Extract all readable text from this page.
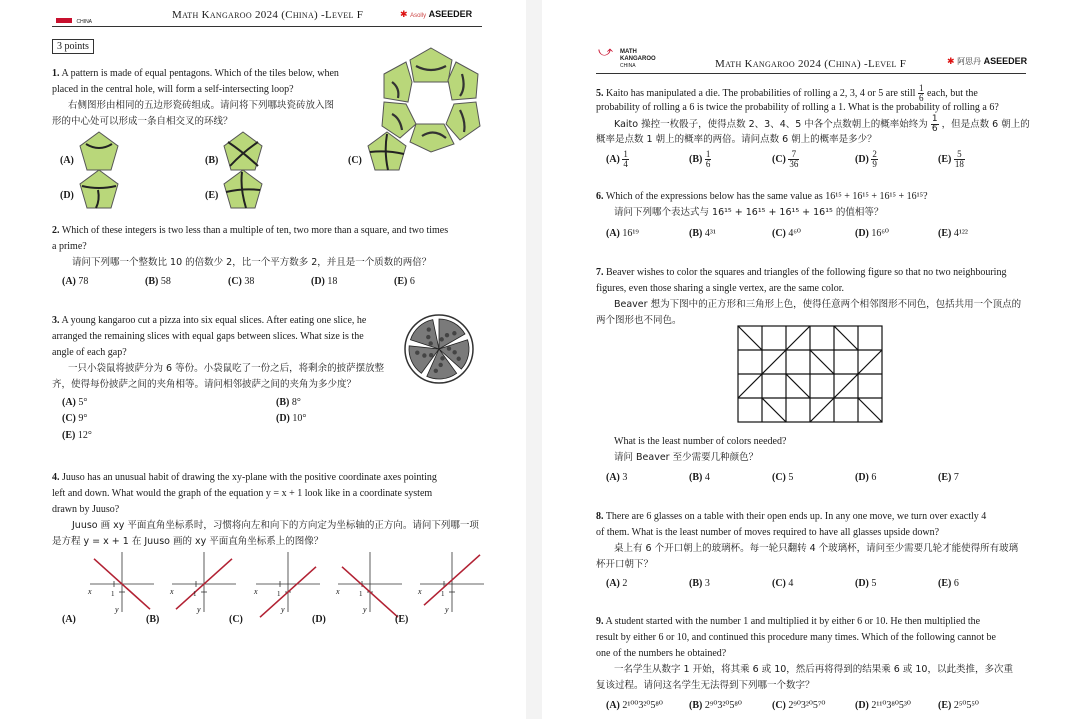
CHINA
Math Kangaroo 2024 (China) -Level F	✱ Asolly ASEEDER
3 points
1. A pattern is made of equal pentagons. Which of the tiles below, when
placed in the central hole, will form a self-intersecting loop?
右侧图形由相同的五边形瓷砖组成。请问将下列哪块瓷砖放入图
形的中心处可以形成一条自相交叉的环线？
(A)	(B)	(C)
(D)	(E)
2. Which of these integers is two less than a multiple of ten, two more than a square, and two times
a prime?
请问下列哪一个整数比 10 的倍数少 2，比一个平方数多 2，并且是一个质数的两倍？
(A) 78	(B) 58	(C) 38	(D) 18	(E) 6
3. A young kangaroo cut a pizza into six equal slices. After eating one slice, he
arranged the remaining slices with equal gaps between slices. What size is the
angle of each gap?
一只小袋鼠将披萨分为 6 等份。小袋鼠吃了一份之后，将剩余的披萨摆放整
齐，使得每份披萨之间的夹角相等。请问相邻披萨之间的夹角为多少度？
(A) 5°	(B) 8°
(C) 9°	(D) 10°
(E) 12°
4. Juuso has an unusual habit of drawing the xy-plane with the positive coordinate axes pointing
left and down. What would the graph of the equation y = x + 1 look like in a coordinate system
drawn by Juuso?
Juuso 画 xy 平面直角坐标系时，习惯将向左和向下的方向定为坐标轴的正方向。请问下列哪一项
是方程 y = x + 1 在 Juuso 画的 xy 平面直角坐标系上的图像？
x
y
1	x
y
1	x
y
1	x
y
1	x
y
1
(A)	(B)	(C)	(D)	(E)
⤻ MATH
KANGAROO
CHINA	Math Kangaroo 2024 (China) -Level F	✱ 阿思丹 ASEEDER
5. Kaito has manipulated a die. The probabilities of rolling a 2, 3, 4 or 5 are still $\frac{1}{6}$ each, but the
probability of rolling a 6 is twice the probability of rolling a 1. What is the probability of rolling a 6?
Kaito 操控一枚骰子，使得点数 2、3、4、5 中各个点数朝上的概率始终为 $\frac{1}{6}$ ，但是点数 6 朝上的
概率是点数 1 朝上的概率的两倍。请问点数 6 朝上的概率是多少？
$(A) \frac{1}{4}$	$(B) \frac{1}{6}$	$(C) \frac{7}{36}$	$(D) \frac{2}{9}$	$(E) \frac{5}{18}$
6. Which of the expressions below has the same value as 16¹⁵ + 16¹⁵ + 16¹⁵ + 16¹⁵?
请问下列哪个表达式与 16¹⁵ + 16¹⁵ + 16¹⁵ + 16¹⁵ 的值相等？
(A) 16¹⁹	(B) 4³¹	(C) 4⁶⁰	(D) 16⁶⁰	(E) 4¹²²
7. Beaver wishes to color the squares and triangles of the following figure so that no two neighbouring
figures, even those sharing a single vertex, are the same color.
Beaver 想为下图中的正方形和三角形上色，使得任意两个相邻图形不同色，包括共用一个顶点的
两个图形也不同色。
What is the least number of colors needed?
请问 Beaver 至少需要几种颜色？
(A) 3	(B) 4	(C) 5	(D) 6	(E) 7
8. There are 6 glasses on a table with their open ends up. In any one move, we turn over exactly 4
of them. What is the least number of moves required to have all glasses upside down?
桌上有 6 个开口朝上的玻璃杯。每一轮只翻转 4 个玻璃杯，请问至少需要几轮才能使得所有玻璃
杯开口朝下？
(A) 2	(B) 3	(C) 4	(D) 5	(E) 6
9. A student started with the number 1 and multiplied it by either 6 or 10. He then multiplied the
result by either 6 or 10, and continued this procedure many times. Which of the following cannot be
one of the numbers he obtained?
一名学生从数字 1 开始，将其乘 6 或 10，然后再将得到的结果乘 6 或 10，以此类推，多次重
复该过程。请问这名学生无法得到下列哪一个数字？
(A) 2¹⁰⁰3²⁰5⁸⁰	(B) 2⁹⁰3²⁰5⁸⁰	(C) 2⁹⁰3²⁰5⁷⁰	(D) 2¹¹⁰3⁸⁰5³⁰	(E) 2⁵⁰5⁵⁰
